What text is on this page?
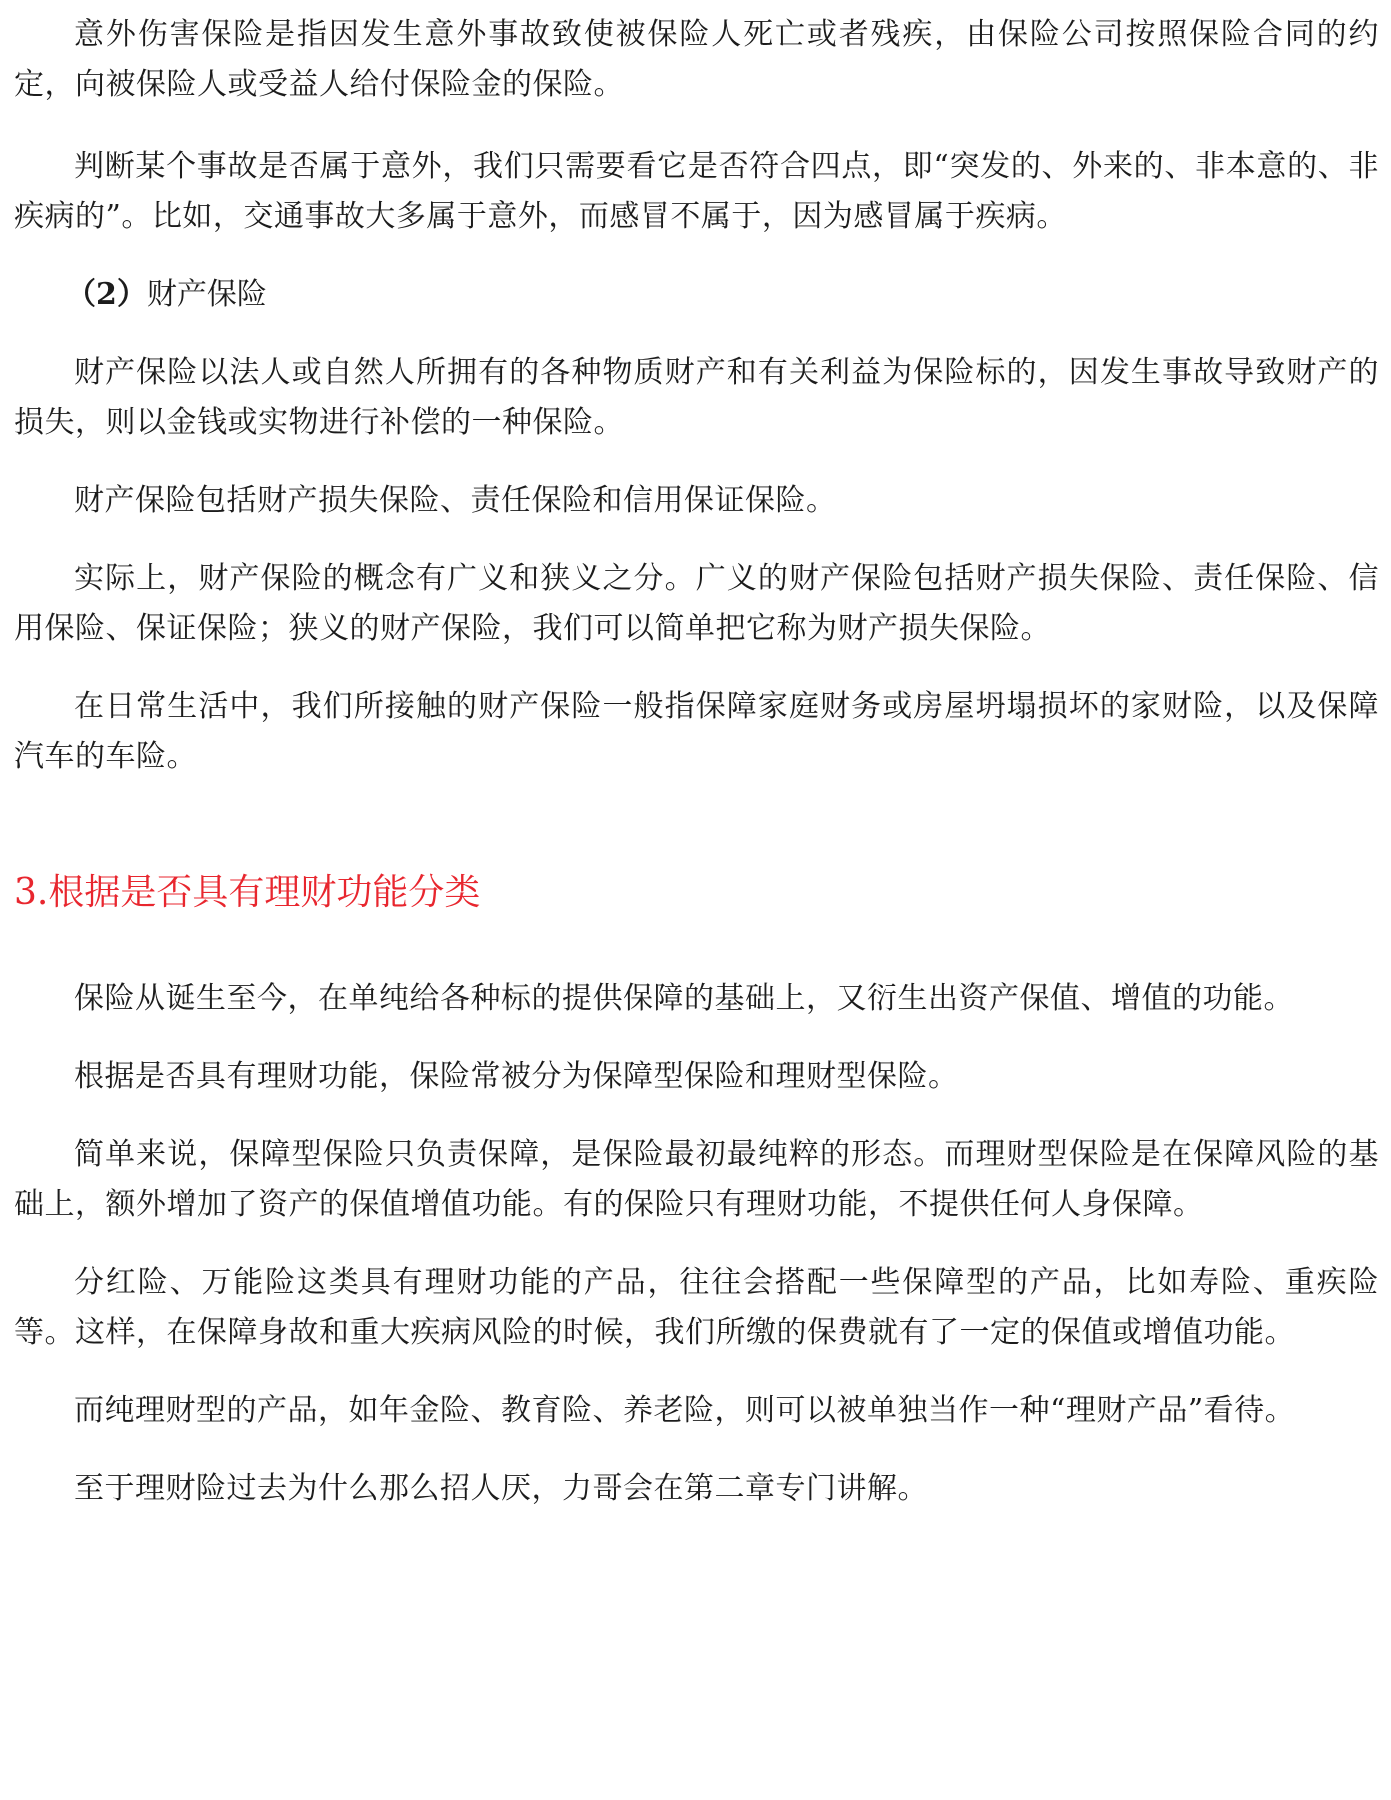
意外伤害保险是指因发生意外事故致使被保险人死亡或者残疾，由保险公司按照保险合同的约定，向被保险人或受益人给付保险金的保险。

判断某个事故是否属于意外，我们只需要看它是否符合四点，即“突发的、外来的、非本意的、非疾病的”。比如，交通事故大多属于意外，而感冒不属于，因为感冒属于疾病。

（2）财产保险

财产保险以法人或自然人所拥有的各种物质财产和有关利益为保险标的，因发生事故导致财产的损失，则以金钱或实物进行补偿的一种保险。

财产保险包括财产损失保险、责任保险和信用保证保险。

实际上，财产保险的概念有广义和狭义之分。广义的财产保险包括财产损失保险、责任保险、信用保险、保证保险；狭义的财产保险，我们可以简单把它称为财产损失保险。

在日常生活中，我们所接触的财产保险一般指保障家庭财务或房屋坍塌损坏的家财险，以及保障汽车的车险。

3.根据是否具有理财功能分类

保险从诞生至今，在单纯给各种标的提供保障的基础上，又衍生出资产保值、增值的功能。

根据是否具有理财功能，保险常被分为保障型保险和理财型保险。

简单来说，保障型保险只负责保障，是保险最初最纯粹的形态。而理财型保险是在保障风险的基础上，额外增加了资产的保值增值功能。有的保险只有理财功能，不提供任何人身保障。

分红险、万能险这类具有理财功能的产品，往往会搭配一些保障型的产品，比如寿险、重疾险等。这样，在保障身故和重大疾病风险的时候，我们所缴的保费就有了一定的保值或增值功能。

而纯理财型的产品，如年金险、教育险、养老险，则可以被单独当作一种“理财产品”看待。

至于理财险过去为什么那么招人厌，力哥会在第二章专门讲解。
